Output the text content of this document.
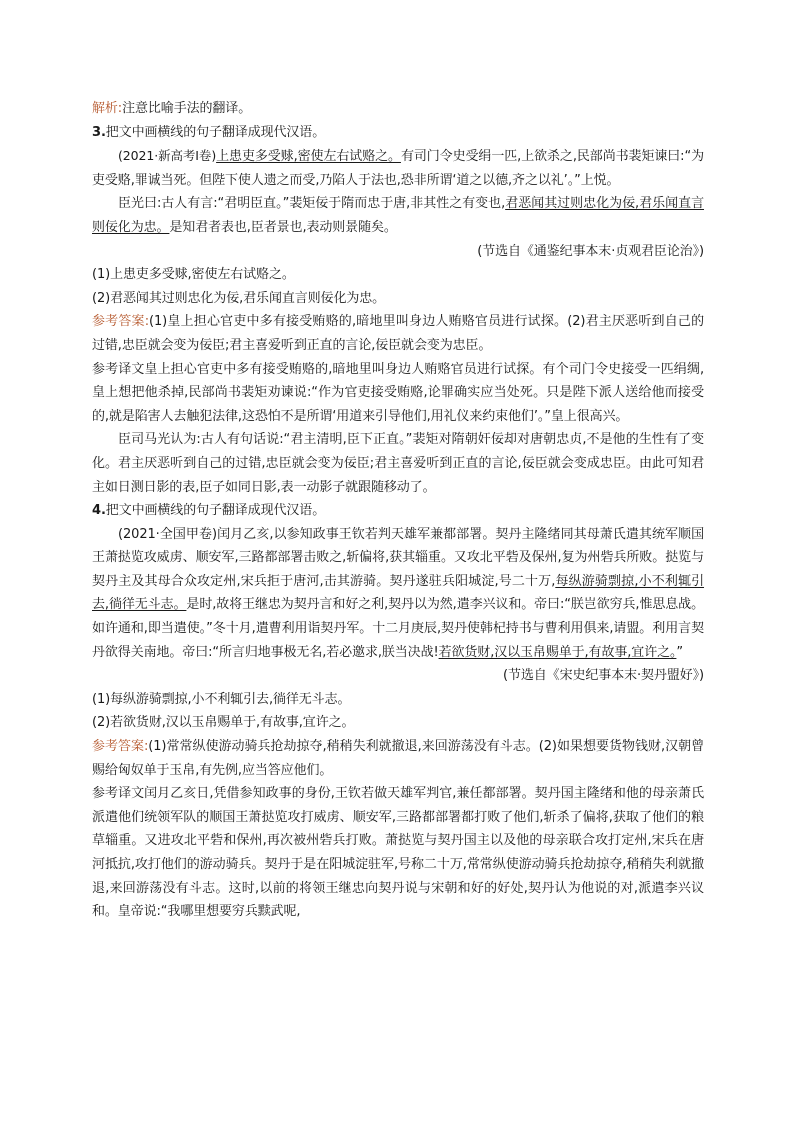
解析:注意比喻手法的翻译。

3.把文中画横线的句子翻译成现代汉语。

(2021·新高考Ⅰ卷)上患吏多受赇,密使左右试赂之。有司门令史受绢一匹,上欲杀之,民部尚书裴矩谏曰:“为吏受赂,罪诚当死。但陛下使人遗之而受,乃陷人于法也,恐非所谓‘道之以德,齐之以礼’。”上悦。

臣光曰:古人有言:“君明臣直。”裴矩佞于隋而忠于唐,非其性之有变也,君恶闻其过则忠化为佞,君乐闻直言则佞化为忠。是知君者表也,臣者景也,表动则景随矣。

(节选自《通鉴纪事本末·贞观君臣论治》)

(1)上患吏多受赇,密使左右试赂之。

(2)君恶闻其过则忠化为佞,君乐闻直言则佞化为忠。

参考答案:(1)皇上担心官吏中多有接受贿赂的,暗地里叫身边人贿赂官员进行试探。(2)君主厌恶听到自己的过错,忠臣就会变为佞臣;君主喜爱听到正直的言论,佞臣就会变为忠臣。

参考译文皇上担心官吏中多有接受贿赂的,暗地里叫身边人贿赂官员进行试探。有个司门令史接受一匹绢绸,皇上想把他杀掉,民部尚书裴矩劝谏说:“作为官吏接受贿赂,论罪确实应当处死。只是陛下派人送给他而接受的,就是陷害人去触犯法律,这恐怕不是所谓‘用道来引导他们,用礼仪来约束他们’。”皇上很高兴。

臣司马光认为:古人有句话说:“君主清明,臣下正直。”裴矩对隋朝奸佞却对唐朝忠贞,不是他的生性有了变化。君主厌恶听到自己的过错,忠臣就会变为佞臣;君主喜爱听到正直的言论,佞臣就会变成忠臣。由此可知君主如日测日影的表,臣子如同日影,表一动影子就跟随移动了。

4.把文中画横线的句子翻译成现代汉语。

(2021·全国甲卷)闰月乙亥,以参知政事王钦若判天雄军兼都部署。契丹主隆绪同其母萧氏遣其统军顺国王萧挞览攻威虏、顺安军,三路都部署击败之,斩偏将,获其辎重。又攻北平砦及保州,复为州砦兵所败。挞览与契丹主及其母合众攻定州,宋兵拒于唐河,击其游骑。契丹遂驻兵阳城淀,号二十万,每纵游骑剽掠,小不利辄引去,徜徉无斗志。是时,故将王继忠为契丹言和好之利,契丹以为然,遣李兴议和。帝曰:“朕岂欲穷兵,惟思息战。如许通和,即当遣使。”冬十月,遣曹利用诣契丹军。十二月庚辰,契丹使韩杞持书与曹利用俱来,请盟。利用言契丹欲得关南地。帝曰:“所言归地事极无名,若必邀求,朕当决战!若欲货财,汉以玉帛赐单于,有故事,宜许之。”

(节选自《宋史纪事本末·契丹盟好》)

(1)每纵游骑剽掠,小不利辄引去,徜徉无斗志。

(2)若欲货财,汉以玉帛赐单于,有故事,宜许之。

参考答案:(1)常常纵使游动骑兵抢劫掠夺,稍稍失利就撤退,来回游荡没有斗志。(2)如果想要货物钱财,汉朝曾赐给匈奴单于玉帛,有先例,应当答应他们。

参考译文闰月乙亥日,凭借参知政事的身份,王钦若做天雄军判官,兼任都部署。契丹国主隆绪和他的母亲萧氏派遣他们统领军队的顺国王萧挞览攻打威虏、顺安军,三路都部署都打败了他们,斩杀了偏将,获取了他们的粮草辎重。又进攻北平砦和保州,再次被州砦兵打败。萧挞览与契丹国主以及他的母亲联合攻打定州,宋兵在唐河抵抗,攻打他们的游动骑兵。契丹于是在阳城淀驻军,号称二十万,常常纵使游动骑兵抢劫掠夺,稍稍失利就撤退,来回游荡没有斗志。这时,以前的将领王继忠向契丹说与宋朝和好的好处,契丹认为他说的对,派遣李兴议和。皇帝说:“我哪里想要穷兵黩武呢,
